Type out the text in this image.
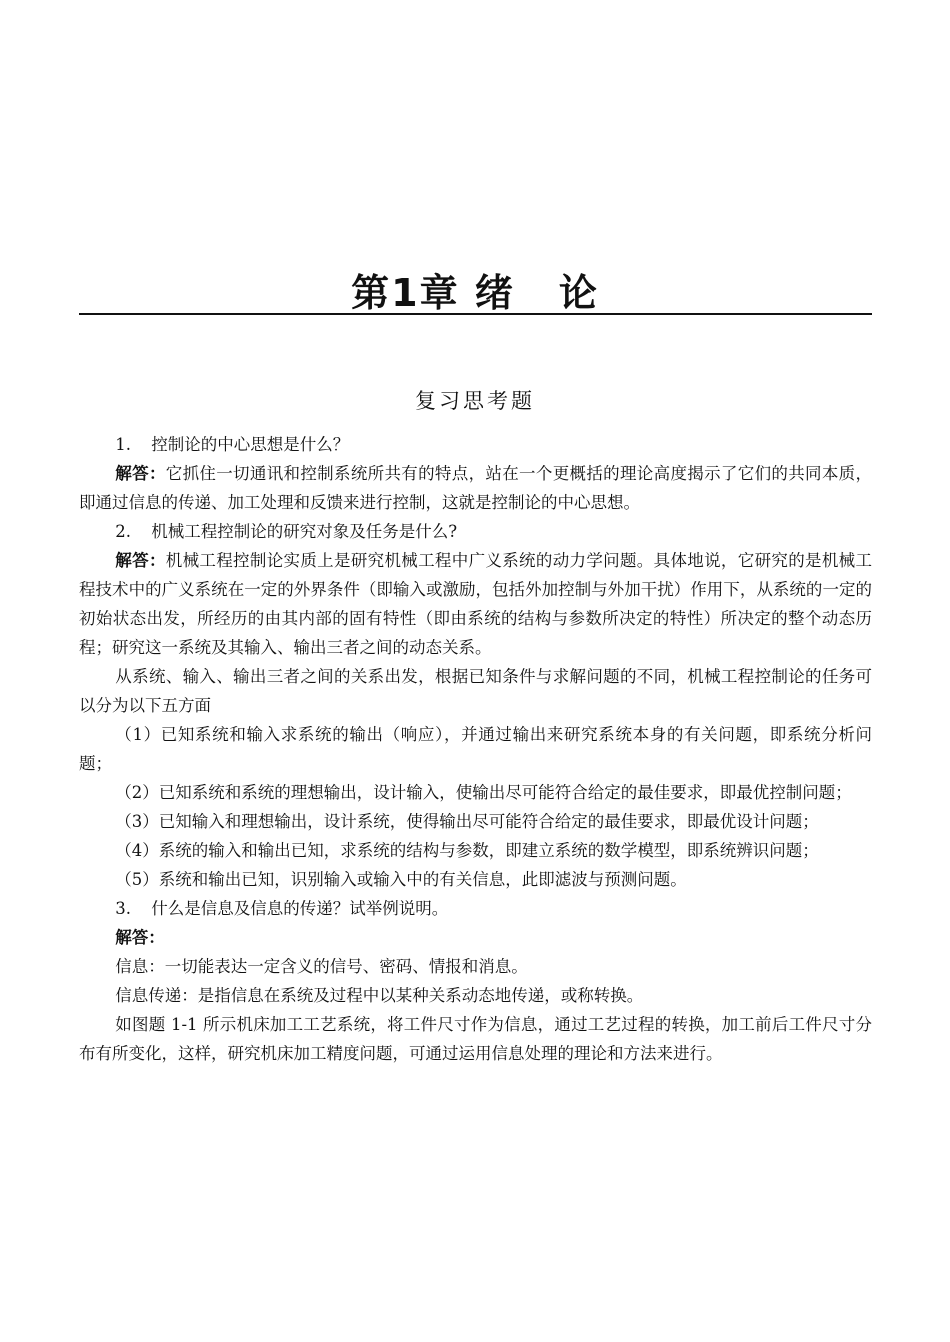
第1章 绪 论
复习思考题

1. 控制论的中心思想是什么？

解答：它抓住一切通讯和控制系统所共有的特点，站在一个更概括的理论高度揭示了它们的共同本质，即通过信息的传递、加工处理和反馈来进行控制，这就是控制论的中心思想。

2. 机械工程控制论的研究对象及任务是什么?

解答：机械工程控制论实质上是研究机械工程中广义系统的动力学问题。具体地说，它研究的是机械工程技术中的广义系统在一定的外界条件（即输入或激励，包括外加控制与外加干扰）作用下，从系统的一定的初始状态出发，所经历的由其内部的固有特性（即由系统的结构与参数所决定的特性）所决定的整个动态历程；研究这一系统及其输入、输出三者之间的动态关系。

从系统、输入、输出三者之间的关系出发，根据已知条件与求解问题的不同，机械工程控制论的任务可以分为以下五方面

（1）已知系统和输入求系统的输出（响应），并通过输出来研究系统本身的有关问题，即系统分析问题；

（2）已知系统和系统的理想输出，设计输入，使输出尽可能符合给定的最佳要求，即最优控制问题；

（3）已知输入和理想输出，设计系统，使得输出尽可能符合给定的最佳要求，即最优设计问题；

（4）系统的输入和输出已知，求系统的结构与参数，即建立系统的数学模型，即系统辨识问题；

（5）系统和输出已知，识别输入或输入中的有关信息，此即滤波与预测问题。

3. 什么是信息及信息的传递？试举例说明。

解答：

信息：一切能表达一定含义的信号、密码、情报和消息。

信息传递：是指信息在系统及过程中以某种关系动态地传递，或称转换。

如图题 1-1 所示机床加工工艺系统，将工件尺寸作为信息，通过工艺过程的转换，加工前后工件尺寸分布有所变化，这样，研究机床加工精度问题，可通过运用信息处理的理论和方法来进行。
